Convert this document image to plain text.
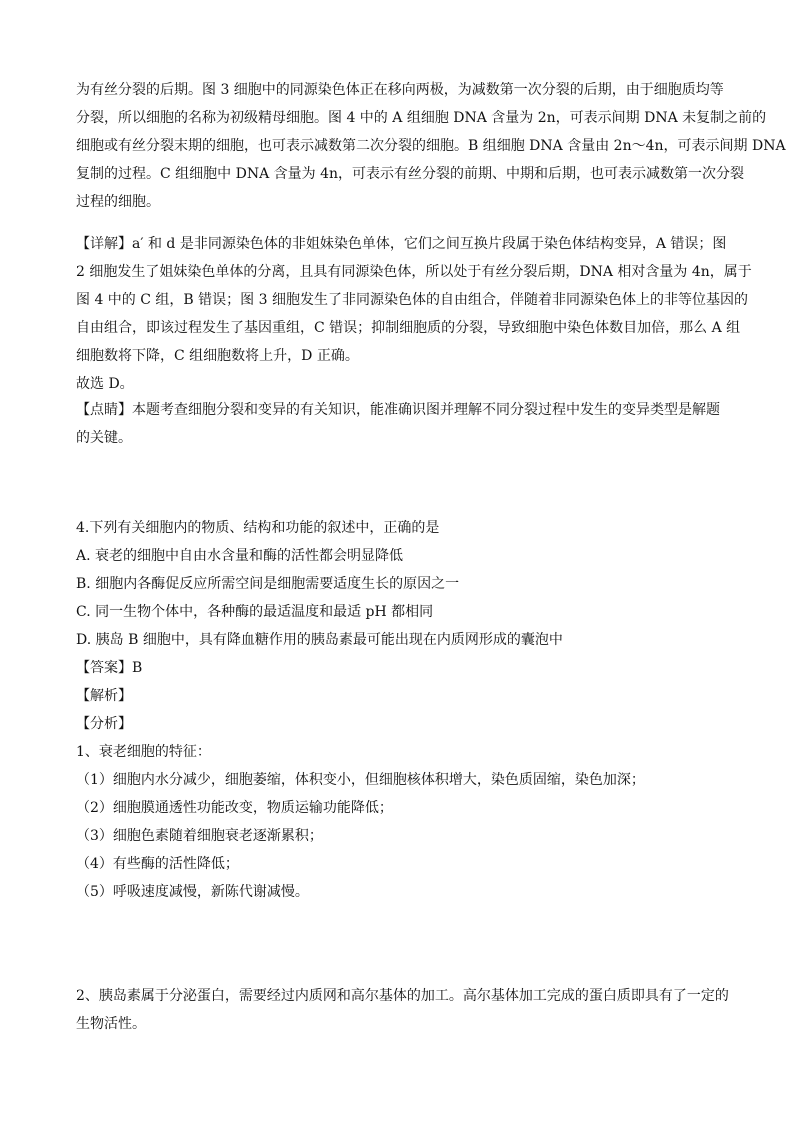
为有丝分裂的后期。图 3 细胞中的同源染色体正在移向两极，为减数第一次分裂的后期，由于细胞质均等
分裂，所以细胞的名称为初级精母细胞。图 4 中的 A 组细胞 DNA 含量为 2n，可表示间期 DNA 未复制之前的
细胞或有丝分裂末期的细胞，也可表示减数第二次分裂的细胞。B 组细胞 DNA 含量由 2n～4n，可表示间期 DNA
复制的过程。C 组细胞中 DNA 含量为 4n，可表示有丝分裂的前期、中期和后期，也可表示减数第一次分裂
过程的细胞。
【详解】a′ 和 d 是非同源染色体的非姐妹染色单体，它们之间互换片段属于染色体结构变异，A 错误；图
2 细胞发生了姐妹染色单体的分离，且具有同源染色体，所以处于有丝分裂后期，DNA 相对含量为 4n，属于
图 4 中的 C 组，B 错误；图 3 细胞发生了非同源染色体的自由组合，伴随着非同源染色体上的非等位基因的
自由组合，即该过程发生了基因重组，C 错误；抑制细胞质的分裂，导致细胞中染色体数目加倍，那么 A 组
细胞数将下降，C 组细胞数将上升，D 正确。
故选 D。
【点睛】本题考查细胞分裂和变异的有关知识，能准确识图并理解不同分裂过程中发生的变异类型是解题
的关键。
4.下列有关细胞内的物质、结构和功能的叙述中，正确的是
A. 衰老的细胞中自由水含量和酶的活性都会明显降低
B. 细胞内各酶促反应所需空间是细胞需要适度生长的原因之一
C. 同一生物个体中，各种酶的最适温度和最适 pH 都相同
D. 胰岛 B 细胞中，具有降血糖作用的胰岛素最可能出现在内质网形成的囊泡中
【答案】B
【解析】
【分析】
1、衰老细胞的特征：
（1）细胞内水分减少，细胞萎缩，体积变小，但细胞核体积增大，染色质固缩，染色加深；
（2）细胞膜通透性功能改变，物质运输功能降低；
（3）细胞色素随着细胞衰老逐渐累积；
（4）有些酶的活性降低；
（5）呼吸速度减慢，新陈代谢减慢。
2、胰岛素属于分泌蛋白，需要经过内质网和高尔基体的加工。高尔基体加工完成的蛋白质即具有了一定的
生物活性。
